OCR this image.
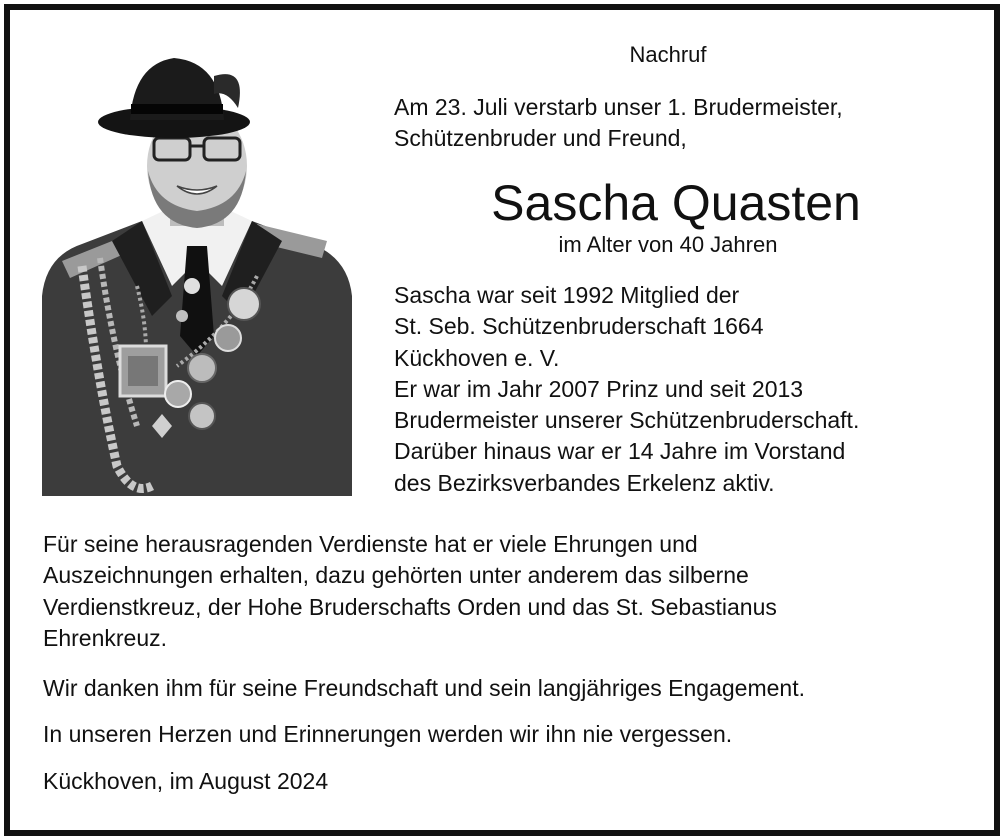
Nachruf
Am 23. Juli verstarb unser 1. Brudermeister,
Schützenbruder und Freund,
Sascha Quasten
im Alter von 40 Jahren
Sascha war seit 1992 Mitglied der
St. Seb. Schützenbruderschaft 1664
Kückhoven e. V.
Er war im Jahr 2007 Prinz und seit 2013
Brudermeister unserer Schützenbruderschaft.
Darüber hinaus war er 14 Jahre im Vorstand
des Bezirksverbandes Erkelenz aktiv.
Für seine herausragenden Verdienste hat er viele Ehrungen und
Auszeichnungen erhalten, dazu gehörten unter anderem das silberne
Verdienstkreuz, der Hohe Bruderschafts Orden und das St. Sebastianus
Ehrenkreuz.
Wir danken ihm für seine Freundschaft und sein langjähriges Engagement.
In unseren Herzen und Erinnerungen werden wir ihn nie vergessen.
Kückhoven, im August 2024
